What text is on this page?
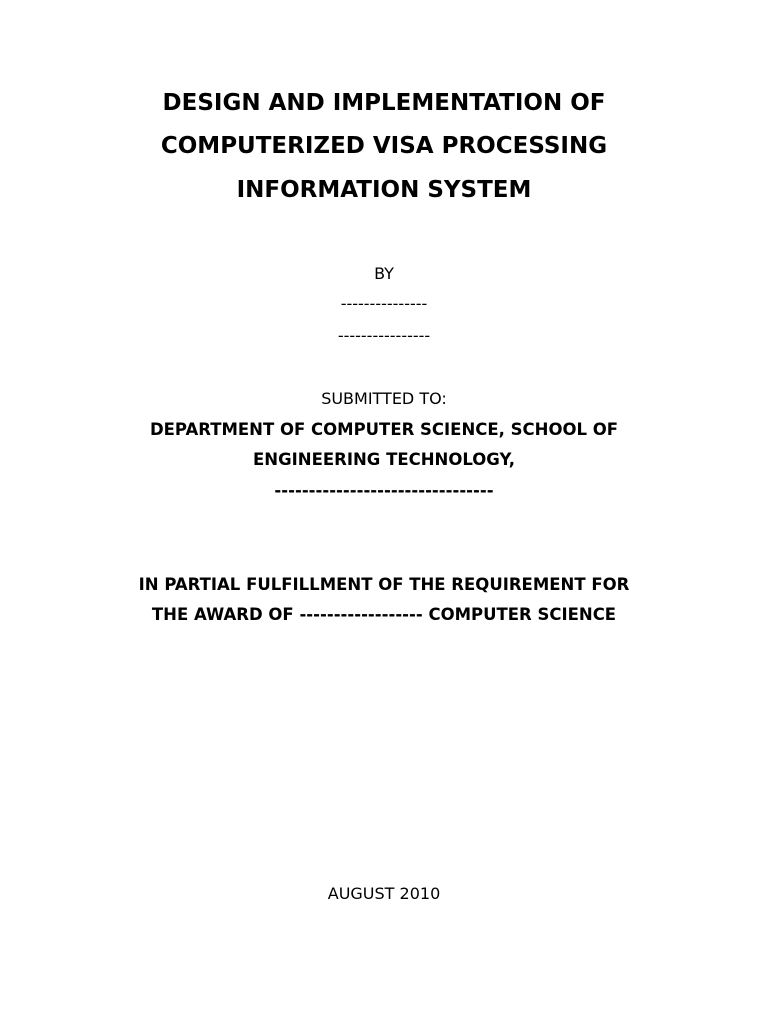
DESIGN AND IMPLEMENTATION OF
COMPUTERIZED VISA PROCESSING
INFORMATION SYSTEM
BY
---------------
----------------
SUBMITTED TO:
DEPARTMENT OF COMPUTER SCIENCE, SCHOOL OF
ENGINEERING TECHNOLOGY,
--------------------------------
IN PARTIAL FULFILLMENT OF THE REQUIREMENT FOR
THE AWARD OF ------------------ COMPUTER SCIENCE
AUGUST 2010
